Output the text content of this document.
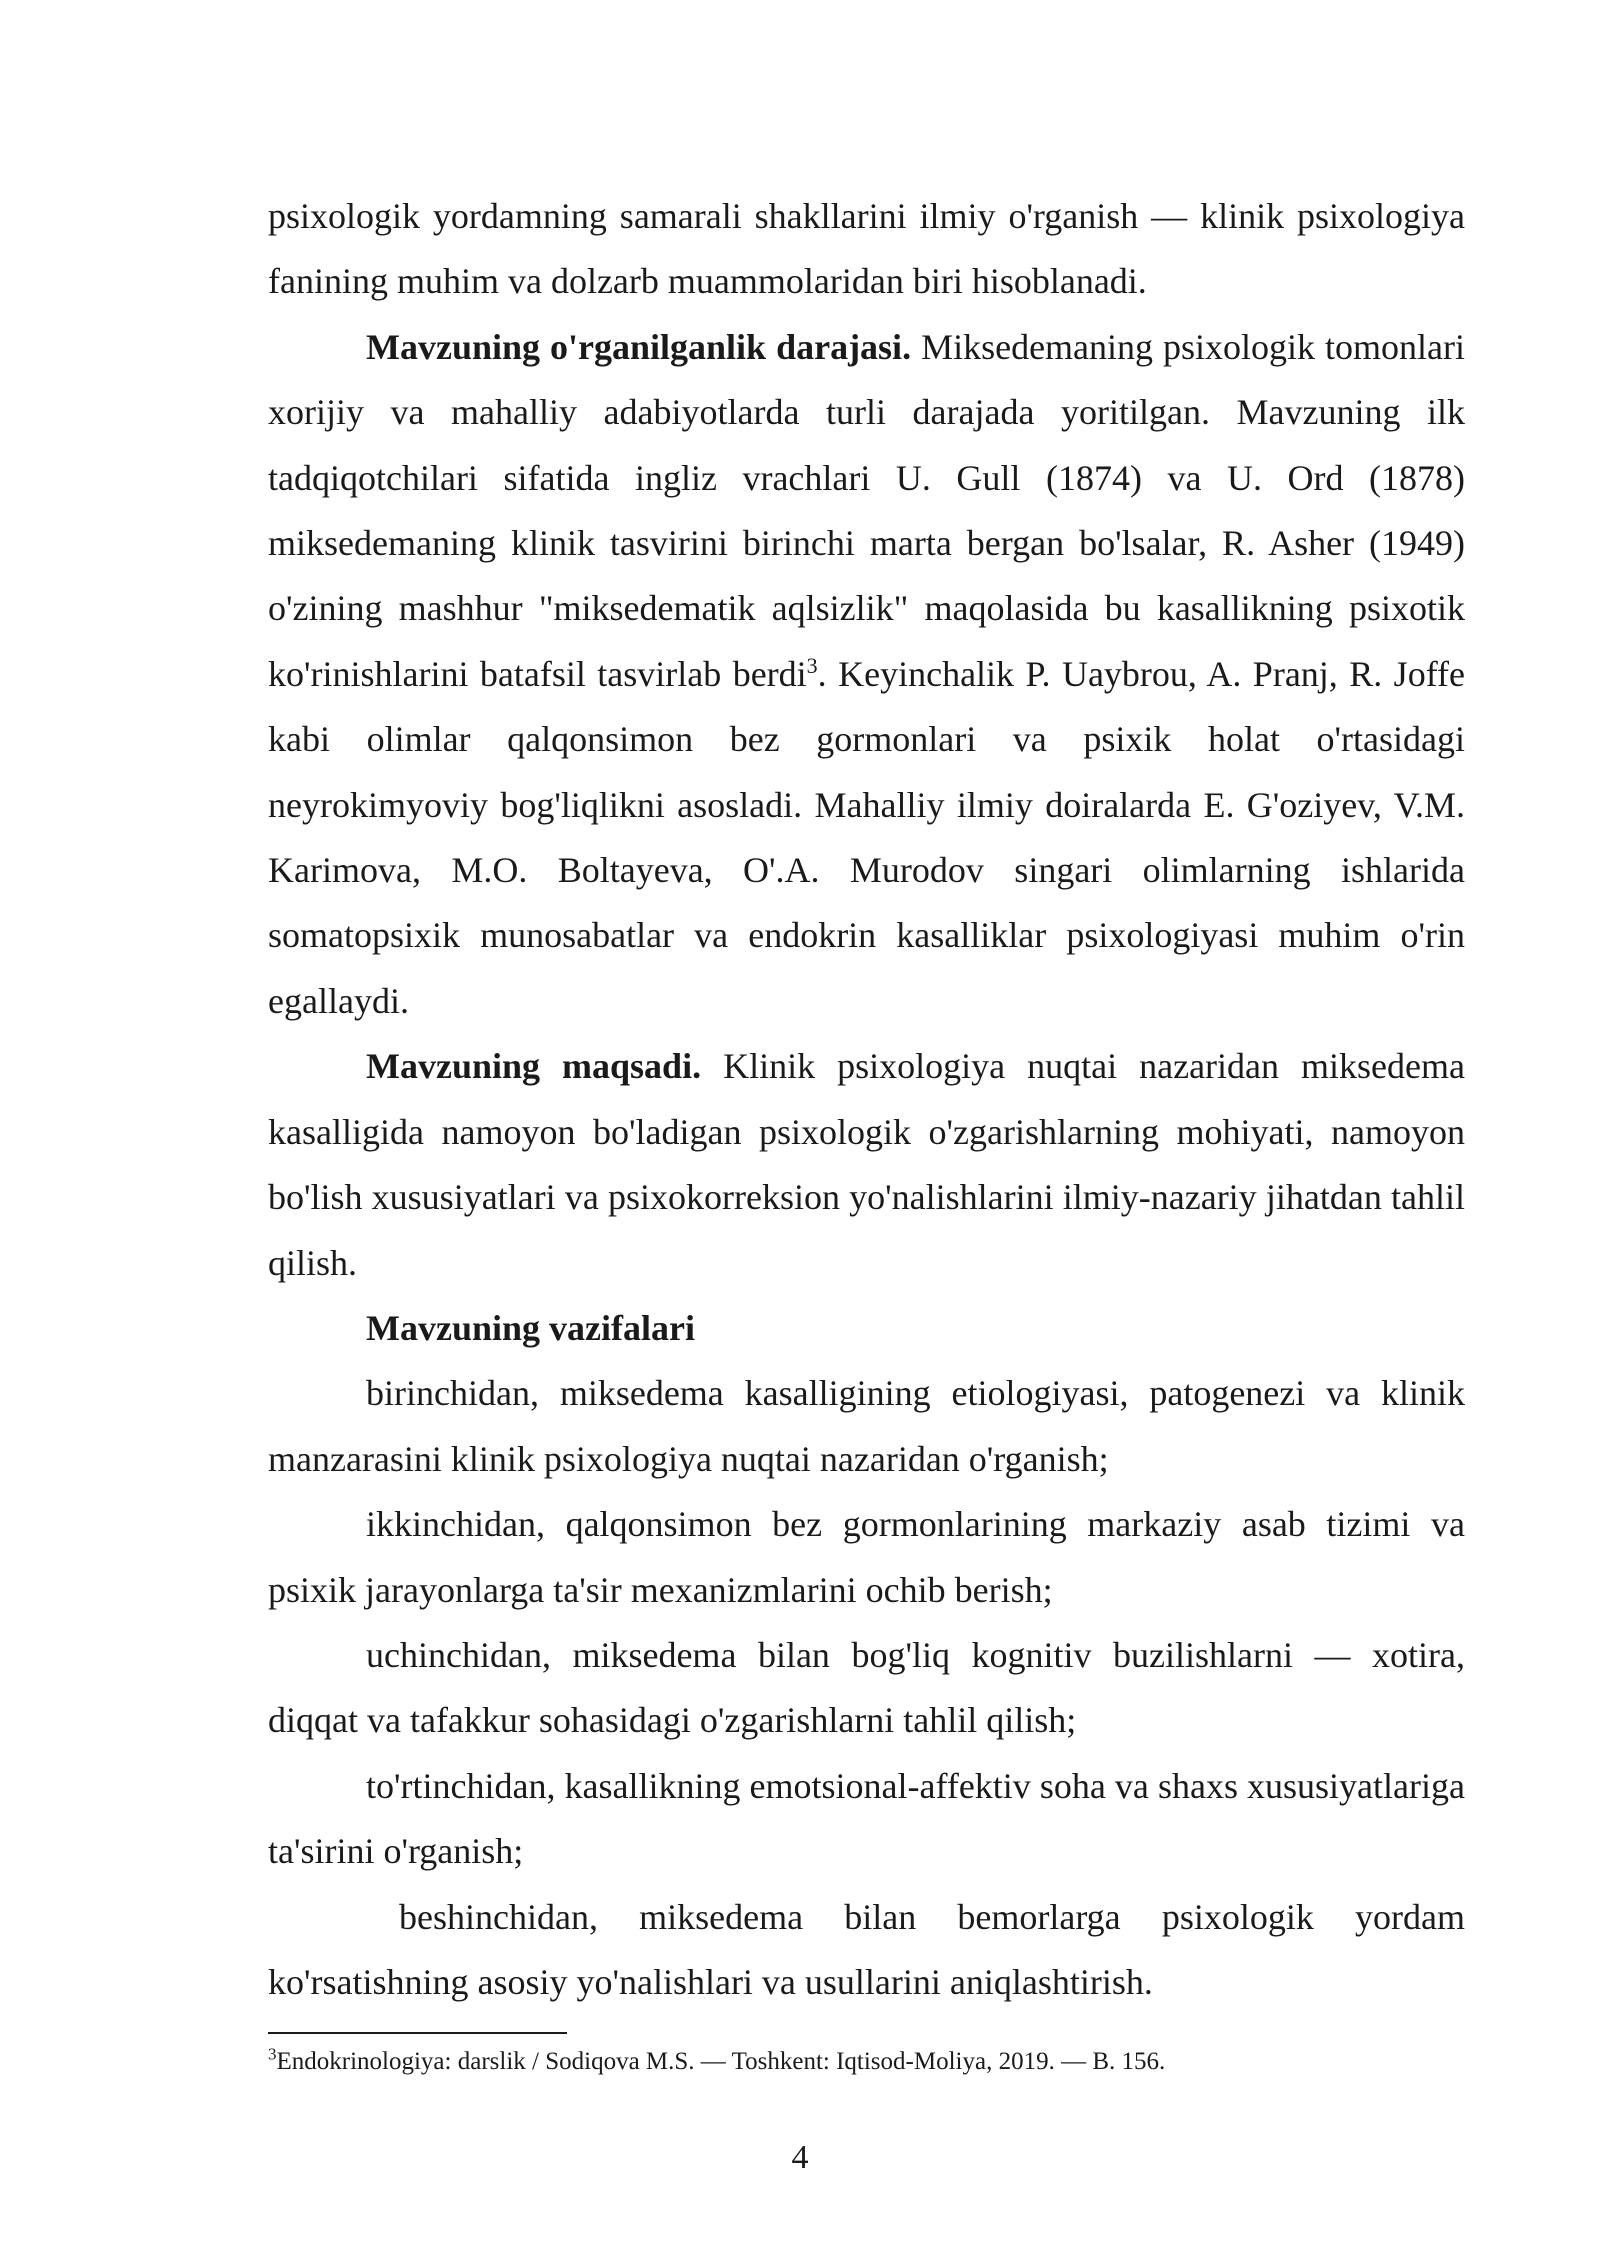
psixologik yordamning samarali shakllarini ilmiy o'rganish — klinik psixologiya fanining muhim va dolzarb muammolaridan biri hisoblanadi.

Mavzuning o'rganilganlik darajasi. Miksedemaning psixologik tomonlari xorijiy va mahalliy adabiyotlarda turli darajada yoritilgan. Mavzuning ilk tadqiqotchilari sifatida ingliz vrachlari U. Gull (1874) va U. Ord (1878) miksedemaning klinik tasvirini birinchi marta bergan bo'lsalar, R. Asher (1949) o'zining mashhur "miksedematik aqlsizlik" maqolasida bu kasallikning psixotik ko'rinishlarini batafsil tasvirlab berdi$^3$. Keyinchalik P. Uaybrou, A. Pranj, R. Joffe kabi olimlar qalqonsimon bez gormonlari va psixik holat o'rtasidagi neyrokimyoviy bog'liqlikni asosladi. Mahalliy ilmiy doiralarda E. G'oziyev, V.M. Karimova, M.O. Boltayeva, O'.A. Murodov singari olimlarning ishlarida somatopsixik munosabatlar va endokrin kasalliklar psixologiyasi muhim o'rin egallaydi.

Mavzuning maqsadi. Klinik psixologiya nuqtai nazaridan miksedema kasalligida namoyon bo'ladigan psixologik o'zgarishlarning mohiyati, namoyon bo'lish xususiyatlari va psixokorreksion yo'nalishlarini ilmiy-nazariy jihatdan tahlil qilish.

Mavzuning vazifalari

birinchidan, miksedema kasalligining etiologiyasi, patogenezi va klinik manzarasini klinik psixologiya nuqtai nazaridan o'rganish;

ikkinchidan, qalqonsimon bez gormonlarining markaziy asab tizimi va psixik jarayonlarga ta'sir mexanizmlarini ochib berish;

uchinchidan, miksedema bilan bog'liq kognitiv buzilishlarni — xotira, diqqat va tafakkur sohasidagi o'zgarishlarni tahlil qilish;

to'rtinchidan, kasallikning emotsional-affektiv soha va shaxs xususiyatlariga ta'sirini o'rganish;

beshinchidan, miksedema bilan bemorlarga psixologik yordam ko'rsatishning asosiy yo'nalishlari va usullarini aniqlashtirish.

$^3$Endokrinologiya: darslik / Sodiqova M.S. — Toshkent: Iqtisod-Moliya, 2019. — B. 156.
4
